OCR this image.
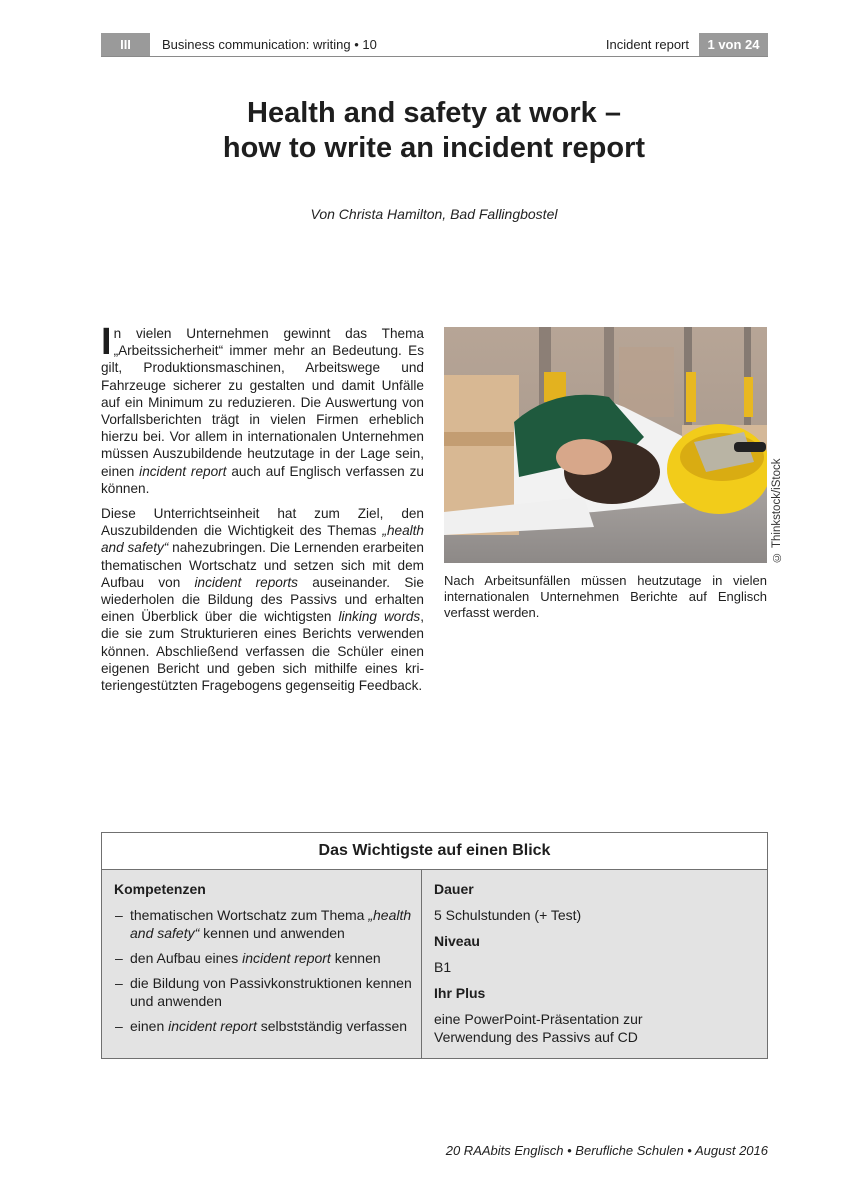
III	Business communication: writing • 10	Incident report	1 von 24
Health and safety at work –
how to write an incident report
Von Christa Hamilton, Bad Fallingbostel

In vielen Unternehmen gewinnt das Thema „Arbeitssicherheit“ immer mehr an Bedeutung. Es gilt, Produktionsmaschinen, Arbeitswege und Fahrzeuge sicherer zu gestalten und damit Unfälle auf ein Minimum zu reduzieren. Die Auswertung von Vorfallsberichten trägt in vielen Firmen erheblich hierzu bei. Vor allem in internationalen Unternehmen müssen Auszubildende heutzutage in der Lage sein, einen incident report auch auf Englisch verfassen zu können.

Diese Unterrichtseinheit hat zum Ziel, den Auszubildenden die Wichtigkeit des Themas „health and safety“ nahezubringen. Die Lernenden erarbeiten thematischen Wortschatz und setzen sich mit dem Aufbau von incident reports auseinander. Sie wiederholen die Bildung des Passivs und erhalten einen Überblick über die wichtigsten linking words, die sie zum Strukturieren eines Berichts verwenden können. Abschließend verfassen die Schüler einen eigenen Bericht und geben sich mithilfe eines kriteriengestützten Fragebogens gegenseitig Feedback.

© Thinkstock/iStock
Nach Arbeitsunfällen müssen heutzutage in vielen internationalen Unternehmen Berichte auf Englisch verfasst werden.
Das Wichtigste auf einen Blick
Kompetenzen
– thematischen Wortschatz zum Thema „health and safety“ kennen und anwenden
– den Aufbau eines incident report kennen
– die Bildung von Passivkonstruktionen kennen und anwenden
– einen incident report selbstständig verfassen
Dauer
5 Schulstunden (+ Test)
Niveau
B1
Ihr Plus
eine PowerPoint-Präsentation zur Verwendung des Passivs auf CD
20 RAAbits Englisch • Berufliche Schulen • August 2016
